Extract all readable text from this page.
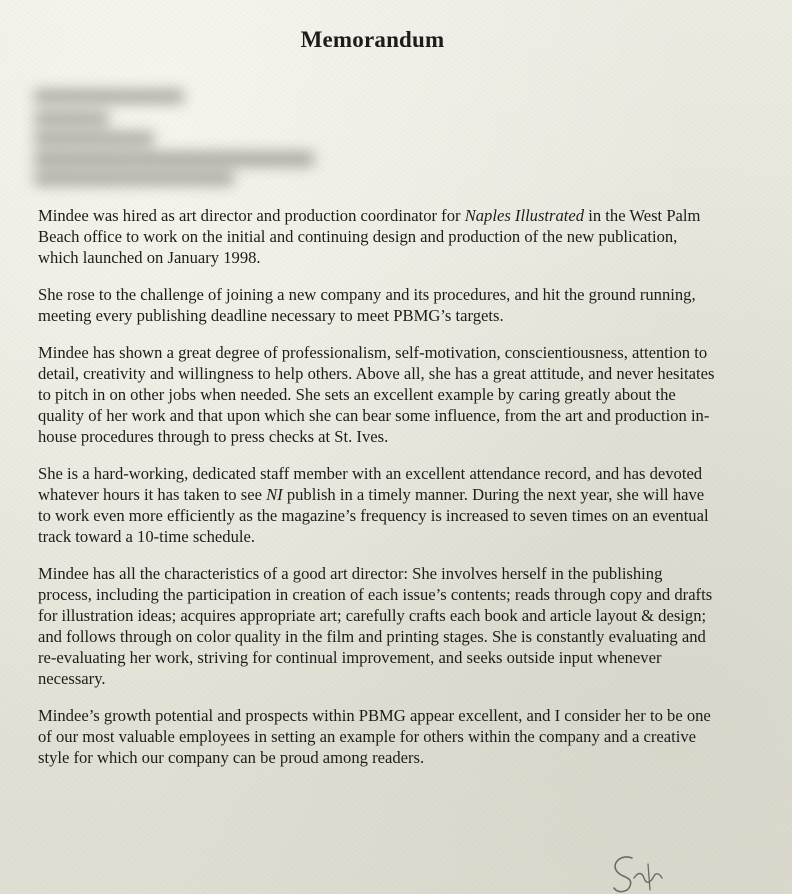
Memorandum

Mindee was hired as art director and production coordinator for Naples Illustrated in the West Palm Beach office to work on the initial and continuing design and production of the new publication, which launched on January 1998.

She rose to the challenge of joining a new company and its procedures, and hit the ground running, meeting every publishing deadline necessary to meet PBMG’s targets.

Mindee has shown a great degree of professionalism, self-motivation, conscientiousness, attention to detail, creativity and willingness to help others. Above all, she has a great attitude, and never hesitates to pitch in on other jobs when needed. She sets an excellent example by caring greatly about the quality of her work and that upon which she can bear some influence, from the art and production in-house procedures through to press checks at St. Ives.

She is a hard-working, dedicated staff member with an excellent attendance record, and has devoted whatever hours it has taken to see NI publish in a timely manner. During the next year, she will have to work even more efficiently as the magazine’s frequency is increased to seven times on an eventual track toward a 10-time schedule.

Mindee has all the characteristics of a good art director: She involves herself in the publishing process, including the participation in creation of each issue’s contents; reads through copy and drafts for illustration ideas; acquires appropriate art; carefully crafts each book and article layout & design; and follows through on color quality in the film and printing stages. She is constantly evaluating and re-evaluating her work, striving for continual improvement, and seeks outside input whenever necessary.

Mindee’s growth potential and prospects within PBMG appear excellent, and I consider her to be one of our most valuable employees in setting an example for others within the company and a creative style for which our company can be proud among readers.
